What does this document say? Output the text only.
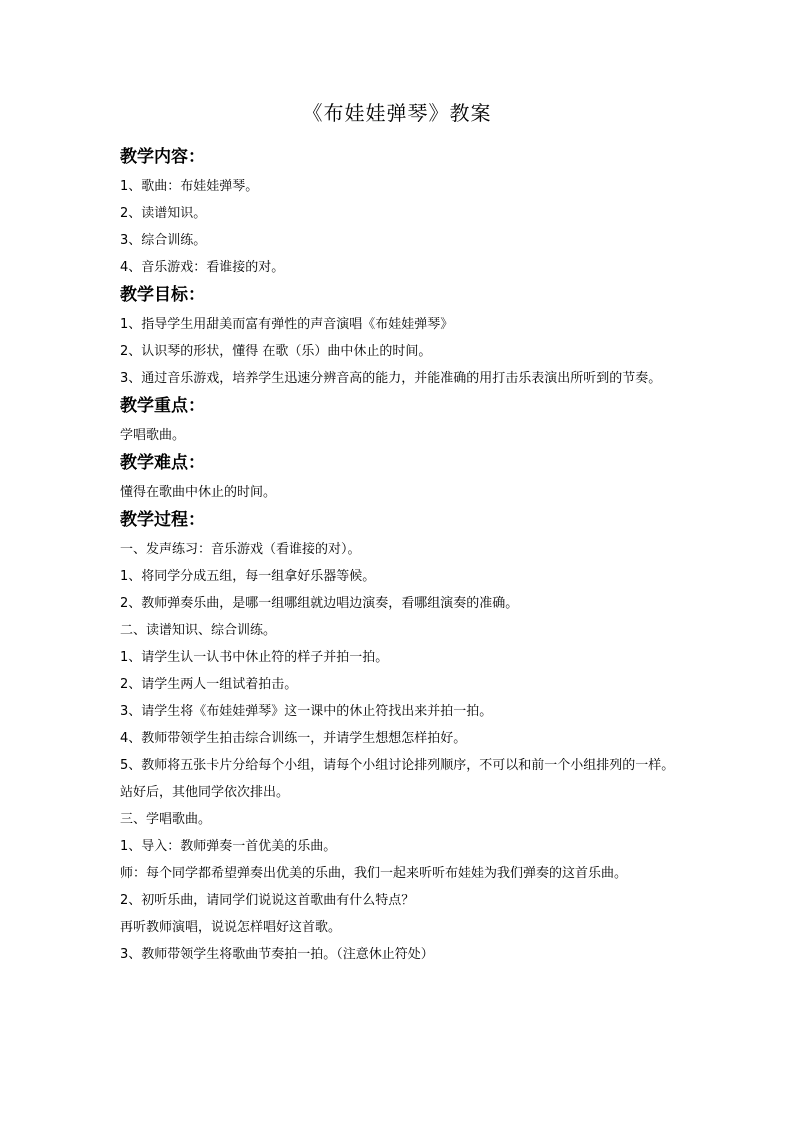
《布娃娃弹琴》教案
教学内容：
1、歌曲：布娃娃弹琴。
2、读谱知识。
3、综合训练。
4、音乐游戏：看谁接的对。
教学目标：
1、指导学生用甜美而富有弹性的声音演唱《布娃娃弹琴》
2、认识琴的形状，懂得 在歌（乐）曲中休止的时间。
3、通过音乐游戏，培养学生迅速分辨音高的能力，并能准确的用打击乐表演出所听到的节奏。
教学重点：
学唱歌曲。
教学难点：
懂得在歌曲中休止的时间。
教学过程：
一、发声练习：音乐游戏（看谁接的对）。
1、将同学分成五组，每一组拿好乐器等候。
2、教师弹奏乐曲，是哪一组哪组就边唱边演奏，看哪组演奏的准确。
二、读谱知识、综合训练。
1、请学生认一认书中休止符的样子并拍一拍。
2、请学生两人一组试着拍击。
3、请学生将《布娃娃弹琴》这一课中的休止符找出来并拍一拍。
4、教师带领学生拍击综合训练一，并请学生想想怎样拍好。
5、教师将五张卡片分给每个小组，请每个小组讨论排列顺序，不可以和前一个小组排列的一样。站好后，其他同学依次排出。
三、学唱歌曲。
1、导入：教师弹奏一首优美的乐曲。
师：每个同学都希望弹奏出优美的乐曲，我们一起来听听布娃娃为我们弹奏的这首乐曲。
2、初听乐曲，请同学们说说这首歌曲有什么特点？
再听教师演唱，说说怎样唱好这首歌。
3、教师带领学生将歌曲节奏拍一拍。（注意休止符处）
